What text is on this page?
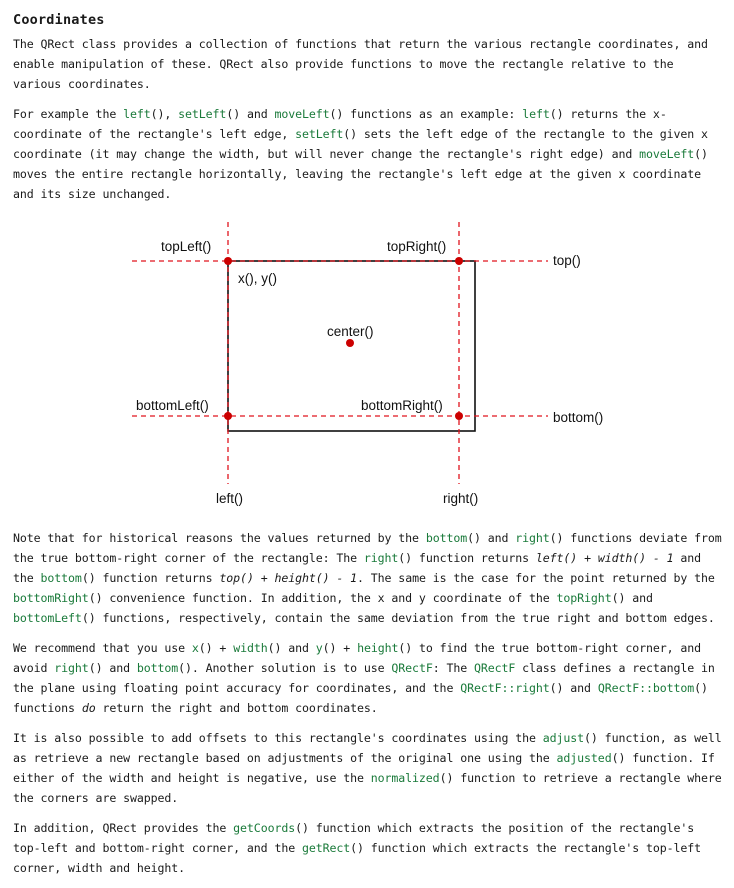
Coordinates

The QRect class provides a collection of functions that return the various rectangle coordinates, and enable manipulation of these. QRect also provide functions to move the rectangle relative to the various coordinates.

For example the left(), setLeft() and moveLeft() functions as an example: left() returns the x-coordinate of the rectangle's left edge, setLeft() sets the left edge of the rectangle to the given x coordinate (it may change the width, but will never change the rectangle's right edge) and moveLeft() moves the entire rectangle horizontally, leaving the rectangle's left edge at the given x coordinate and its size unchanged.

topLeft()	topRight()
top()
x(), y()
center()
bottomLeft()	bottomRight()
bottom()
left()	right()

Note that for historical reasons the values returned by the bottom() and right() functions deviate from the true bottom-right corner of the rectangle: The right() function returns left() + width() - 1 and the bottom() function returns top() + height() - 1. The same is the case for the point returned by the bottomRight() convenience function. In addition, the x and y coordinate of the topRight() and bottomLeft() functions, respectively, contain the same deviation from the true right and bottom edges.

We recommend that you use x() + width() and y() + height() to find the true bottom-right corner, and avoid right() and bottom(). Another solution is to use QRectF: The QRectF class defines a rectangle in the plane using floating point accuracy for coordinates, and the QRectF::right() and QRectF::bottom() functions do return the right and bottom coordinates.

It is also possible to add offsets to this rectangle's coordinates using the adjust() function, as well as retrieve a new rectangle based on adjustments of the original one using the adjusted() function. If either of the width and height is negative, use the normalized() function to retrieve a rectangle where the corners are swapped.

In addition, QRect provides the getCoords() function which extracts the position of the rectangle's top-left and bottom-right corner, and the getRect() function which extracts the rectangle's top-left corner, width and height.
